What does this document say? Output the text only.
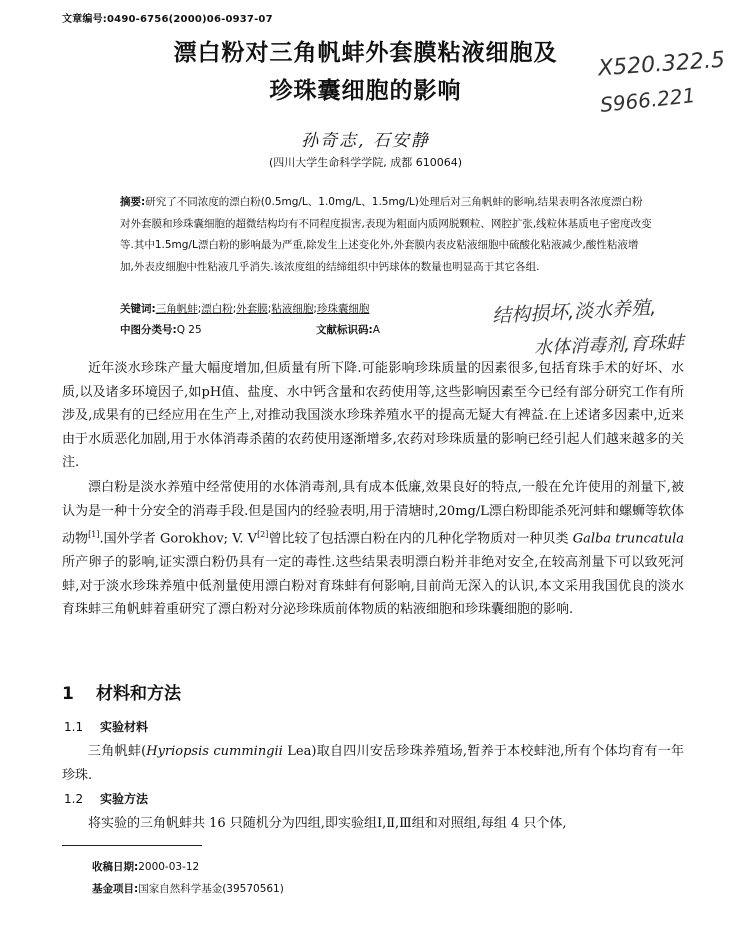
文章编号:0490-6756(2000)06-0937-07
漂白粉对三角帆蚌外套膜粘液细胞及
珍珠囊细胞的影响
X520.322.5
S966.221
孙奇志, 石安静
(四川大学生命科学学院, 成都 610064)
摘要:研究了不同浓度的漂白粉(0.5mg/L、1.0mg/L、1.5mg/L)处理后对三角帆蚌的影响,结果表明各浓度漂白粉对外套膜和珍珠囊细胞的超微结构均有不同程度损害,表现为粗面内质网脱颗粒、网腔扩张,线粒体基质电子密度改变等.其中1.5mg/L漂白粉的影响最为严重,除发生上述变化外,外套膜内表皮粘液细胞中硫酸化粘液减少,酸性粘液增加,外表皮细胞中性粘液几乎消失.该浓度组的结缔组织中钙球体的数量也明显高于其它各组.
关键词:三角帆蚌;漂白粉;外套膜;粘液细胞;珍珠囊细胞	结构损坏,淡水养殖,
水体消毒剂,育珠蚌
中图分类号:Q 25	文献标识码:A
近年淡水珍珠产量大幅度增加,但质量有所下降.可能影响珍珠质量的因素很多,包括育珠手术的好坏、水质,以及诸多环境因子,如pH值、盐度、水中钙含量和农药使用等,这些影响因素至今已经有部分研究工作有所涉及,成果有的已经应用在生产上,对推动我国淡水珍珠养殖水平的提高无疑大有裨益.在上述诸多因素中,近来由于水质恶化加剧,用于水体消毒杀菌的农药使用逐渐增多,农药对珍珠质量的影响已经引起人们越来越多的关注.
漂白粉是淡水养殖中经常使用的水体消毒剂,具有成本低廉,效果良好的特点,一般在允许使用的剂量下,被认为是一种十分安全的消毒手段.但是国内的经验表明,用于清塘时,20mg/L漂白粉即能杀死河蚌和螺蛳等软体动物[1].国外学者 Gorokhov; V. V[2]曾比较了包括漂白粉在内的几种化学物质对一种贝类 Galba truncatula 所产卵子的影响,证实漂白粉仍具有一定的毒性.这些结果表明漂白粉并非绝对安全,在较高剂量下可以致死河蚌,对于淡水珍珠养殖中低剂量使用漂白粉对育珠蚌有何影响,目前尚无深入的认识,本文采用我国优良的淡水育珠蚌三角帆蚌着重研究了漂白粉对分泌珍珠质前体物质的粘液细胞和珍珠囊细胞的影响.
1 材料和方法
1.1 实验材料
三角帆蚌(Hyriopsis cummingii Lea)取自四川安岳珍珠养殖场,暂养于本校蚌池,所有个体均育有一年珍珠.
1.2 实验方法
将实验的三角帆蚌共 16 只随机分为四组,即实验组Ⅰ,Ⅱ,Ⅲ组和对照组,每组 4 只个体,
收稿日期:2000-03-12
基金项目:国家自然科学基金(39570561)
